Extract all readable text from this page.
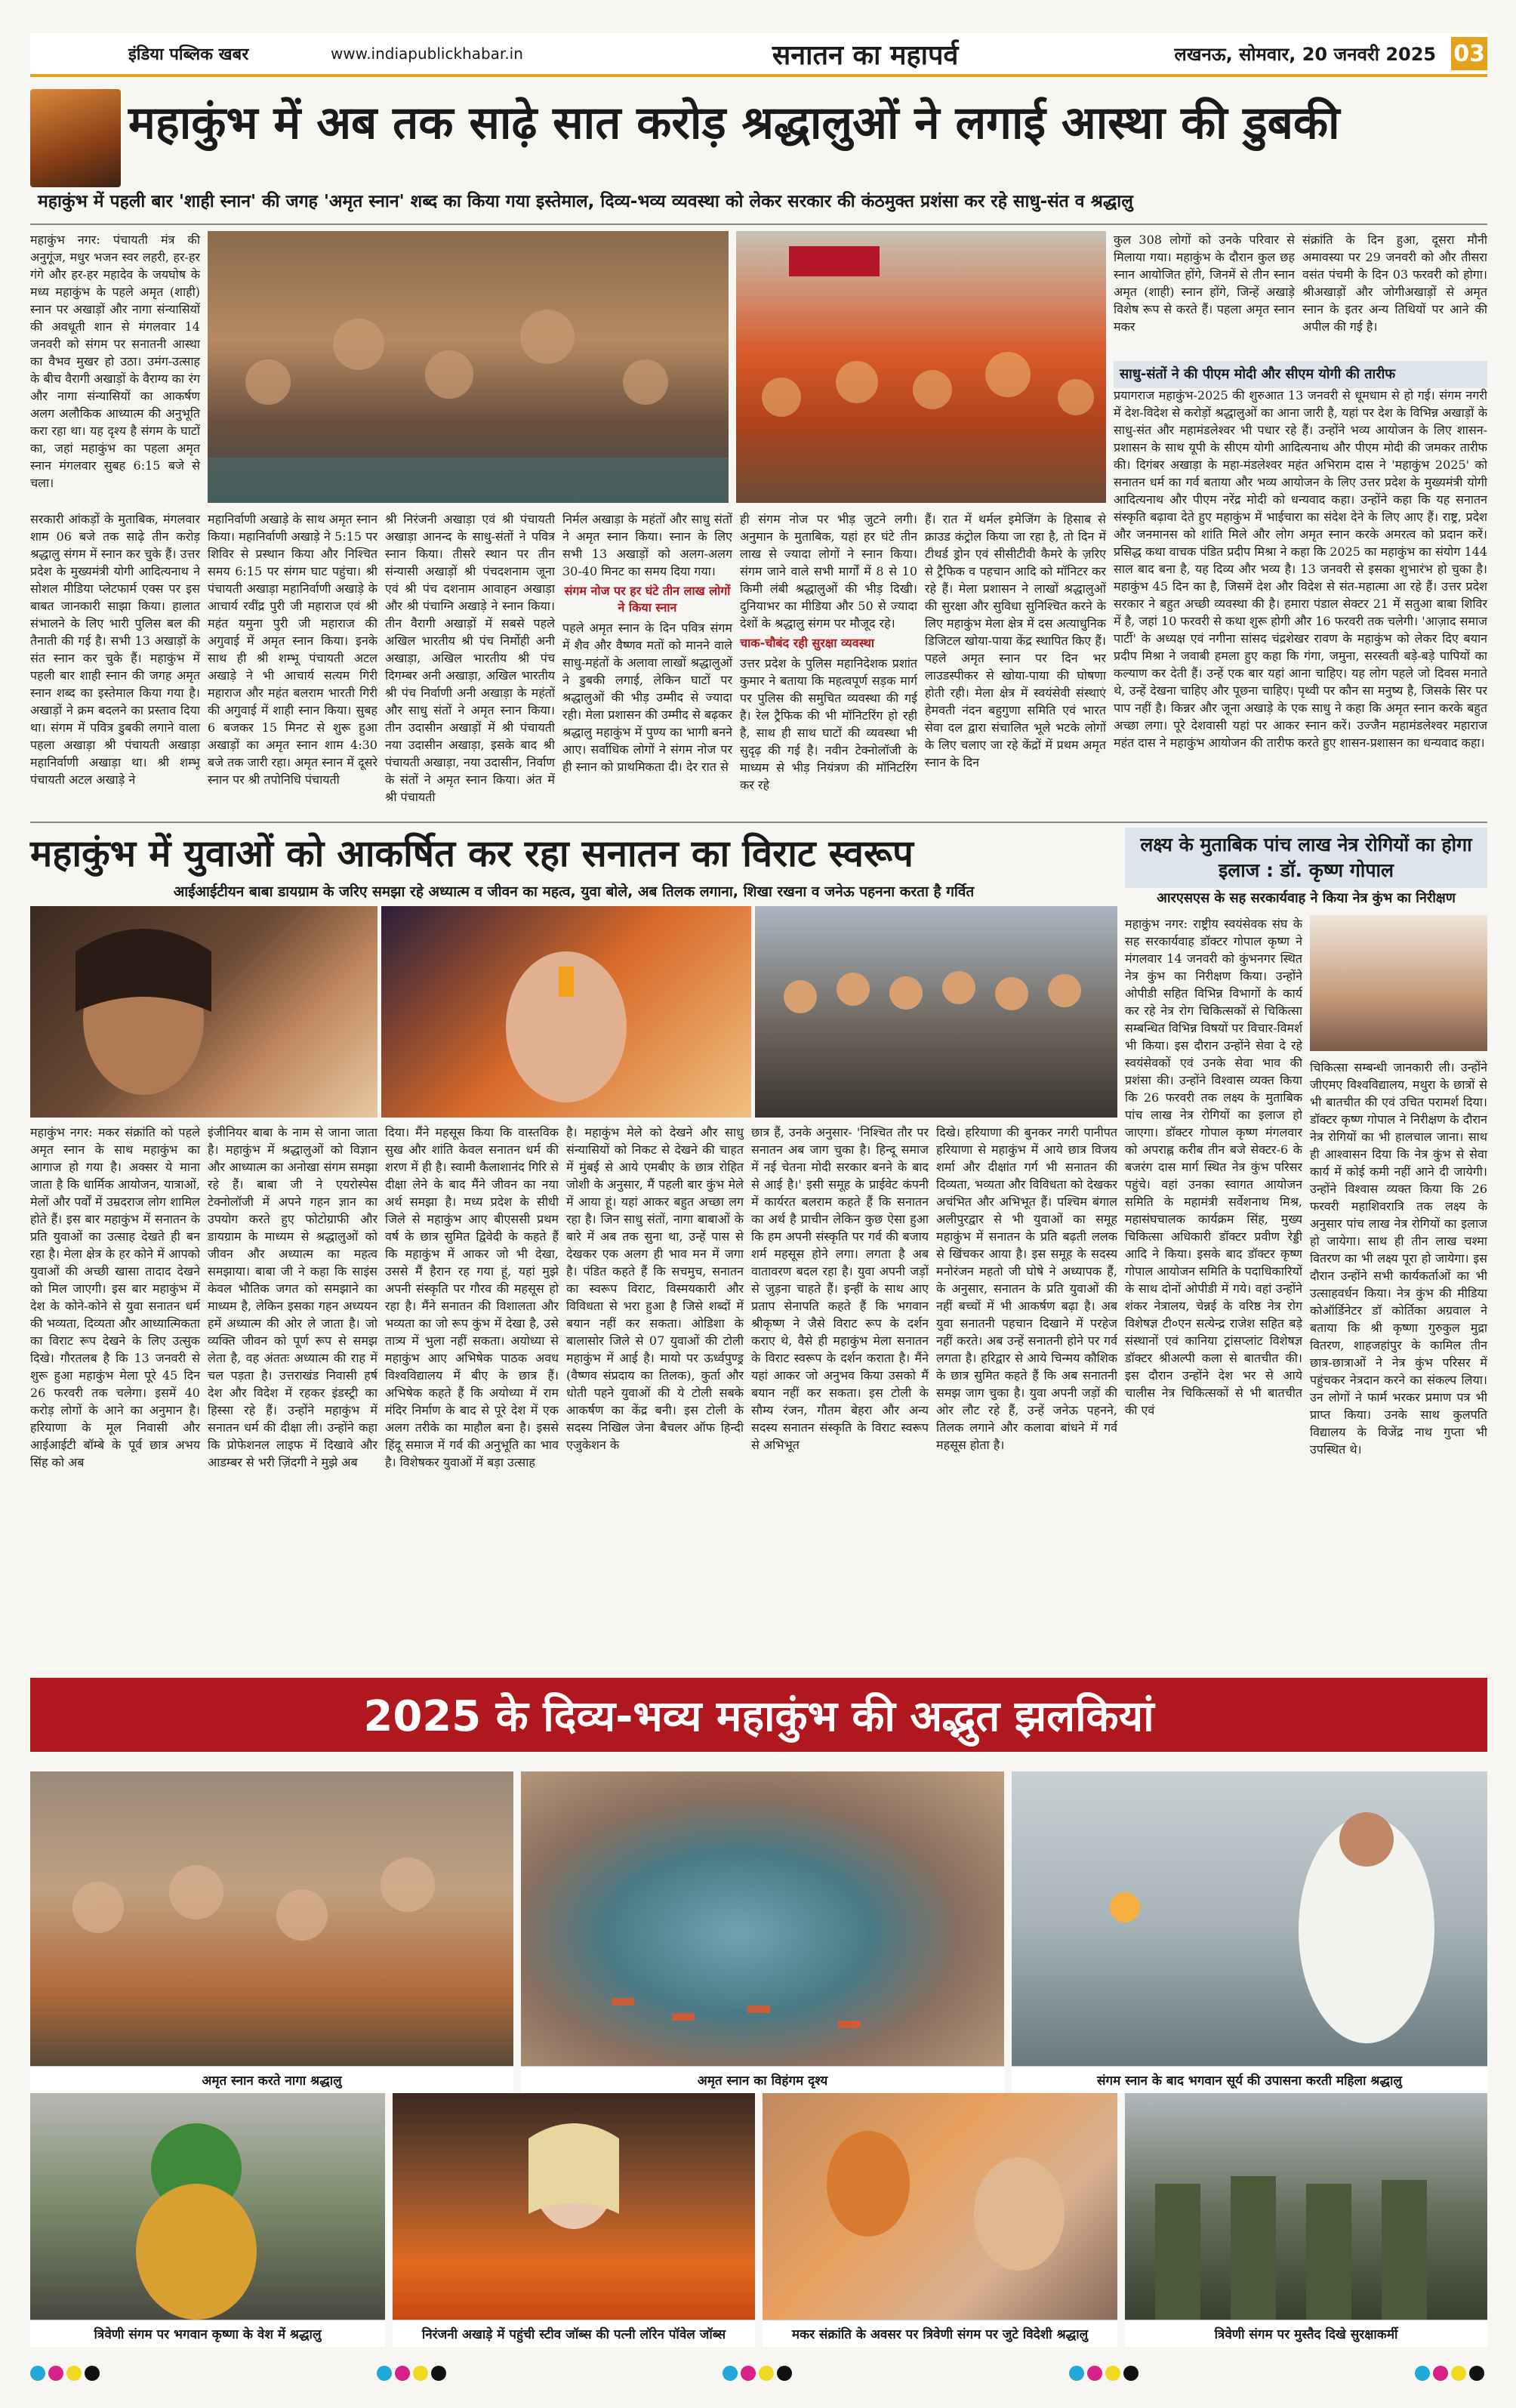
इंडिया पब्लिक खबर	www.indiapublickhabar.in	सनातन का महापर्व	लखनऊ, सोमवार, 20 जनवरी 2025 03
महाकुंभ में अब तक साढ़े सात करोड़ श्रद्धालुओं ने लगाई आस्था की डुबकी
महाकुंभ में पहली बार 'शाही स्नान' की जगह 'अमृत स्नान' शब्द का किया गया इस्तेमाल, दिव्य-भव्य व्यवस्था को लेकर सरकार की कंठमुक्त प्रशंसा कर रहे साधु-संत व श्रद्धालु
महाकुंभ नगर: पंचायती मंत्र की अनुगूंज, मधुर भजन स्वर लहरी, हर-हर गंगे और हर-हर महादेव के जयघोष के मध्य महाकुंभ के पहले अमृत (शाही) स्नान पर अखाड़ों और नागा संन्यासियों की अवधूती शान से मंगलवार 14 जनवरी को संगम पर सनातनी आस्था का वैभव मुखर हो उठा। उमंग-उत्साह के बीच वैरागी अखाड़ों के वैराग्य का रंग और नागा संन्यासियों का आकर्षण अलग अलौकिक आध्यात्म की अनुभूति करा रहा था। यह दृश्य है संगम के घाटों का, जहां महाकुंभ का पहला अमृत स्नान मंगलवार सुबह 6:15 बजे से चला।
कुल 308 लोगों को उनके परिवार से मिलाया गया। महाकुंभ के दौरान कुल छह स्नान आयोजित होंगे, जिनमें से तीन स्नान अमृत (शाही) स्नान होंगे, जिन्हें अखाड़े विशेष रूप से करते हैं। पहला अमृत स्नान मकर
संक्रांति के दिन हुआ, दूसरा मौनी अमावस्या पर 29 जनवरी को और तीसरा वसंत पंचमी के दिन 03 फरवरी को होगा। श्रीअखाड़ों और जोगीअखाड़ों से अमृत स्नान के इतर अन्य तिथियों पर आने की अपील की गई है।
साधु-संतों ने की पीएम मोदी और सीएम योगी की तारीफ
प्रयागराज महाकुंभ-2025 की शुरुआत 13 जनवरी से धूमधाम से हो गई। संगम नगरी में देश-विदेश से करोड़ों श्रद्धालुओं का आना जारी है, यहां पर देश के विभिन्न अखाड़ों के साधु-संत और महामंडलेश्वर भी पधार रहे हैं। उन्होंने भव्य आयोजन के लिए शासन-प्रशासन के साथ यूपी के सीएम योगी आदित्यनाथ और पीएम मोदी की जमकर तारीफ की। दिगंबर अखाड़ा के महा-मंडलेश्वर महंत अभिराम दास ने 'महाकुंभ 2025' को सनातन धर्म का गर्व बताया और भव्य आयोजन के लिए उत्तर प्रदेश के मुख्यमंत्री योगी आदित्यनाथ और पीएम नरेंद्र मोदी को धन्यवाद कहा। उन्होंने कहा कि यह सनातन संस्कृति बढ़ावा देते हुए महाकुंभ में भाईचारा का संदेश देने के लिए आए हैं। राष्ट्र, प्रदेश और जनमानस को शांति मिले और लोग अमृत स्नान करके अमरत्व को प्रदान करें। प्रसिद्ध कथा वाचक पंडित प्रदीप मिश्रा ने कहा कि 2025 का महाकुंभ का संयोग 144 साल बाद बना है, यह दिव्य और भव्य है। 13 जनवरी से इसका शुभारंभ हो चुका है। महाकुंभ 45 दिन का है, जिसमें देश और विदेश से संत-महात्मा आ रहे हैं। उत्तर प्रदेश सरकार ने बहुत अच्छी व्यवस्था की है। हमारा पंडाल सेक्टर 21 में सतुआ बाबा शिविर में है, जहां 10 फरवरी से कथा शुरू होगी और 16 फरवरी तक चलेगी। 'आज़ाद समाज पार्टी' के अध्यक्ष एवं नगीना सांसद चंद्रशेखर रावण के महाकुंभ को लेकर दिए बयान प्रदीप मिश्रा ने जवाबी हमला हुए कहा कि गंगा, जमुना, सरस्वती बड़े-बड़े पापियों का कल्याण कर देती हैं। उन्हें एक बार यहां आना चाहिए। यह लोग पहले जो दिवस मनाते थे, उन्हें देखना चाहिए और पूछना चाहिए। पृथ्वी पर कौन सा मनुष्य है, जिसके सिर पर पाप नहीं है। किन्नर और जूना अखाड़े के एक साधु ने कहा कि अमृत स्नान करके बहुत अच्छा लगा। पूरे देशवासी यहां पर आकर स्नान करें। उज्जैन महामंडलेश्वर महाराज महंत दास ने महाकुंभ आयोजन की तारीफ करते हुए शासन-प्रशासन का धन्यवाद कहा।
सरकारी आंकड़ों के मुताबिक, मंगलवार शाम 06 बजे तक साढ़े तीन करोड़ श्रद्धालु संगम में स्नान कर चुके हैं। उत्तर प्रदेश के मुख्यमंत्री योगी आदित्यनाथ ने सोशल मीडिया प्लेटफार्म एक्स पर इस बाबत जानकारी साझा किया। हालात संभालने के लिए भारी पुलिस बल की तैनाती की गई है। सभी 13 अखाड़ों के संत स्नान कर चुके हैं। महाकुंभ में पहली बार शाही स्नान की जगह अमृत स्नान शब्द का इस्तेमाल किया गया है। अखाड़ों ने क्रम बदलने का प्रस्ताव दिया था। संगम में पवित्र डुबकी लगाने वाला पहला अखाड़ा श्री पंचायती अखाड़ा महानिर्वाणी अखाड़ा था। श्री शम्भू पंचायती अटल अखाड़े ने
महानिर्वाणी अखाड़े के साथ अमृत स्नान किया। महानिर्वाणी अखाड़े ने 5:15 पर शिविर से प्रस्थान किया और निश्चित समय 6:15 पर संगम घाट पहुंचा। श्री पंचायती अखाड़ा महानिर्वाणी अखाड़े के आचार्य रवींद्र पुरी जी महाराज एवं श्री महंत यमुना पुरी जी महाराज की अगुवाई में अमृत स्नान किया। इनके साथ ही श्री शम्भू पंचायती अटल अखाड़े ने भी आचार्य सत्यम गिरी महाराज और महंत बलराम भारती गिरी की अगुवाई में शाही स्नान किया। सुबह 6 बजकर 15 मिनट से शुरू हुआ अखाड़ों का अमृत स्नान शाम 4:30 बजे तक जारी रहा। अमृत स्नान में दूसरे स्नान पर श्री तपोनिधि पंचायती
श्री निरंजनी अखाड़ा एवं श्री पंचायती अखाड़ा आनन्द के साधु-संतों ने पवित्र स्नान किया। तीसरे स्थान पर तीन संन्यासी अखाड़ों श्री पंचदशनाम जूना एवं श्री पंच दशनाम आवाहन अखाड़ा और श्री पंचाग्नि अखाड़े ने स्नान किया। तीन वैरागी अखाड़ों में सबसे पहले अखिल भारतीय श्री पंच निर्मोही अनी अखाड़ा, अखिल भारतीय श्री पंच दिगम्बर अनी अखाड़ा, अखिल भारतीय श्री पंच निर्वाणी अनी अखाड़ा के महंतों और साधु संतों ने अमृत स्नान किया। तीन उदासीन अखाड़ों में श्री पंचायती नया उदासीन अखाड़ा, इसके बाद श्री पंचायती अखाड़ा, नया उदासीन, निर्वाण के संतों ने अमृत स्नान किया। अंत में श्री पंचायती
निर्मल अखाड़ा के महंतों और साधु संतों ने अमृत स्नान किया। स्नान के लिए सभी 13 अखाड़ों को अलग-अलग 30-40 मिनट का समय दिया गया।
संगम नोज पर हर घंटे तीन लाख लोगों ने किया स्नान
पहले अमृत स्नान के दिन पवित्र संगम में शैव और वैष्णव मतों को मानने वाले साधु-महंतों के अलावा लाखों श्रद्धालुओं ने डुबकी लगाई, लेकिन घाटों पर श्रद्धालुओं की भीड़ उम्मीद से ज्यादा रही। मेला प्रशासन की उम्मीद से बढ़कर श्रद्धालु महाकुंभ में पुण्य का भागी बनने आए। सर्वाधिक लोगों ने संगम नोज पर ही स्नान को प्राथमिकता दी। देर रात से
ही संगम नोज पर भीड़ जुटने लगी। अनुमान के मुताबिक, यहां हर घंटे तीन लाख से ज्यादा लोगों ने स्नान किया। संगम जाने वाले सभी मार्गों में 8 से 10 किमी लंबी श्रद्धालुओं की भीड़ दिखी। दुनियाभर का मीडिया और 50 से ज्यादा देशों के श्रद्धालु संगम पर मौजूद रहे।
चाक-चौबंद रही सुरक्षा व्यवस्था
उत्तर प्रदेश के पुलिस महानिदेशक प्रशांत कुमार ने बताया कि महत्वपूर्ण सड़क मार्ग पर पुलिस की समुचित व्यवस्था की गई है। रेल ट्रैफिक की भी मॉनिटरिंग हो रही है, साथ ही साथ घाटों की व्यवस्था भी सुदृढ़ की गई है। नवीन टेक्नोलॉजी के माध्यम से भीड़ नियंत्रण की मॉनिटरिंग कर रहे
हैं। रात में थर्मल इमेजिंग के हिसाब से क्राउड कंट्रोल किया जा रहा है, तो दिन में टीथर्ड ड्रोन एवं सीसीटीवी कैमरे के ज़रिए से ट्रैफिक व पहचान आदि को मॉनिटर कर रहे हैं। मेला प्रशासन ने लाखों श्रद्धालुओं की सुरक्षा और सुविधा सुनिश्चित करने के लिए महाकुंभ मेला क्षेत्र में दस अत्याधुनिक डिजिटल खोया-पाया केंद्र स्थापित किए हैं। पहले अमृत स्नान पर दिन भर लाउडस्पीकर से खोया-पाया की घोषणा होती रही। मेला क्षेत्र में स्वयंसेवी संस्थाएं हेमवती नंदन बहुगुणा समिति एवं भारत सेवा दल द्वारा संचालित भूले भटके लोगों के लिए चलाए जा रहे केंद्रों में प्रथम अमृत स्नान के दिन
महाकुंभ में युवाओं को आकर्षित कर रहा सनातन का विराट स्वरूप
आईआईटीयन बाबा डायग्राम के जरिए समझा रहे अध्यात्म व जीवन का महत्व, युवा बोले, अब तिलक लगाना, शिखा रखना व जनेऊ पहनना करता है गर्वित
लक्ष्य के मुताबिक पांच लाख नेत्र रोगियों का होगा इलाज : डॉ. कृष्ण गोपाल
आरएसएस के सह सरकार्यवाह ने किया नेत्र कुंभ का निरीक्षण
महाकुंभ नगर: राष्ट्रीय स्वयंसेवक संघ के सह सरकार्यवाह डॉक्टर गोपाल कृष्ण ने मंगलवार 14 जनवरी को कुंभनगर स्थित नेत्र कुंभ का निरीक्षण किया। उन्होंने ओपीडी सहित विभिन्न विभागों के कार्य कर रहे नेत्र रोग चिकित्सकों से चिकित्सा सम्बन्धित विभिन्न विषयों पर विचार-विमर्श भी किया। इस दौरान उन्होंने सेवा दे रहे स्वयंसेवकों एवं उनके सेवा भाव की प्रशंसा की। उन्होंने विश्वास व्यक्त किया कि 26 फरवरी तक लक्ष्य के मुताबिक पांच लाख नेत्र रोगियों का इलाज हो जाएगा। डॉक्टर गोपाल कृष्ण मंगलवार को अपराह्न करीब तीन बजे सेक्टर-6 के बजरंग दास मार्ग स्थित नेत्र कुंभ परिसर पहुंचे। वहां उनका स्वागत आयोजन समिति के महामंत्री सर्वेशनाथ मिश्र, महासंघचालक कार्यक्रम सिंह, मुख्य चिकित्सा अधिकारी डॉक्टर प्रवीण रेड्डी आदि ने किया। इसके बाद डॉक्टर कृष्ण गोपाल आयोजन समिति के पदाधिकारियों के साथ दोनों ओपीडी में गये। वहां उन्होंने शंकर नेत्रालय, चेन्नई के वरिष्ठ नेत्र रोग विशेषज्ञ टी०एन सत्येन्द्र राजेश सहित बड़े संस्थानों एवं कानिया ट्रांसप्लांट विशेषज्ञ डॉक्टर श्रीअल्पी कला से बातचीत की। इस दौरान उन्होंने देश भर से आये चालीस नेत्र चिकित्सकों से भी बातचीत की एवं
चिकित्सा सम्बन्धी जानकारी ली। उन्होंने जीएमए विश्वविद्यालय, मथुरा के छात्रों से भी बातचीत की एवं उचित परामर्श दिया। डॉक्टर कृष्ण गोपाल ने निरीक्षण के दौरान नेत्र रोगियों का भी हालचाल जाना। साथ ही आश्वासन दिया कि नेत्र कुंभ से सेवा कार्य में कोई कमी नहीं आने दी जायेगी। उन्होंने विश्वास व्यक्त किया कि 26 फरवरी महाशिवरात्रि तक लक्ष्य के अनुसार पांच लाख नेत्र रोगियों का इलाज हो जायेगा। साथ ही तीन लाख चश्मा वितरण का भी लक्ष्य पूरा हो जायेगा। इस दौरान उन्होंने सभी कार्यकर्ताओं का भी उत्साहवर्धन किया। नेत्र कुंभ की मीडिया कोऑर्डिनेटर डॉ कोर्तिका अग्रवाल ने बताया कि श्री कृष्णा गुरुकुल मुद्रा वितरण, शाहजहांपुर के कामिल तीन छात्र-छात्राओं ने नेत्र कुंभ परिसर में पहुंचकर नेत्रदान करने का संकल्प लिया। उन लोगों ने फार्म भरकर प्रमाण पत्र भी प्राप्त किया। उनके साथ कुलपति विद्यालय के विजेंद्र नाथ गुप्ता भी उपस्थित थे।
महाकुंभ नगर: मकर संक्रांति को पहले अमृत स्नान के साथ महाकुंभ का आगाज हो गया है। अक्सर ये माना जाता है कि धार्मिक आयोजन, यात्राओं, मेलों और पर्वों में उम्रदराज लोग शामिल होते हैं। इस बार महाकुंभ में सनातन के प्रति युवाओं का उत्साह देखते ही बन रहा है। मेला क्षेत्र के हर कोने में आपको युवाओं की अच्छी खासा तादाद देखने को मिल जाएगी। इस बार महाकुंभ में देश के कोने-कोने से युवा सनातन धर्म की भव्यता, दिव्यता और आध्यात्मिकता का विराट रूप देखने के लिए उत्सुक दिखे। गौरतलब है कि 13 जनवरी से शुरू हुआ महाकुंभ मेला पूरे 45 दिन 26 फरवरी तक चलेगा। इसमें 40 करोड़ लोगों के आने का अनुमान है। हरियाणा के मूल निवासी और आईआईटी बॉम्बे के पूर्व छात्र अभय सिंह को अब
इंजीनियर बाबा के नाम से जाना जाता है। महाकुंभ में श्रद्धालुओं को विज्ञान और आध्यात्म का अनोखा संगम समझा रहे हैं। बाबा जी ने एयरोस्पेस टेक्नोलॉजी में अपने गहन ज्ञान का उपयोग करते हुए फोटोग्राफी और डायग्राम के माध्यम से श्रद्धालुओं को जीवन और अध्यात्म का महत्व समझाया। बाबा जी ने कहा कि साइंस केवल भौतिक जगत को समझाने का माध्यम है, लेकिन इसका गहन अध्ययन हमें अध्यात्म की ओर ले जाता है। जो व्यक्ति जीवन को पूर्ण रूप से समझ लेता है, वह अंततः अध्यात्म की राह में चल पड़ता है। उत्तराखंड निवासी हर्ष देश और विदेश में रहकर इंडस्ट्री का हिस्सा रहे हैं। उन्होंने महाकुंभ में सनातन धर्म की दीक्षा ली। उन्होंने कहा कि प्रोफेशनल लाइफ में दिखावे और आडम्बर से भरी ज़िंदगी ने मुझे अब
दिया। मैंने महसूस किया कि वास्तविक सुख और शांति केवल सनातन धर्म की शरण में ही है। स्वामी कैलाशानंद गिरि से दीक्षा लेने के बाद मैंने जीवन का नया अर्थ समझा है। मध्य प्रदेश के सीधी जिले से महाकुंभ आए बीएससी प्रथम वर्ष के छात्र सुमित द्विवेदी के कहते हैं कि महाकुंभ में आकर जो भी देखा, उससे मैं हैरान रह गया हूं, यहां मुझे अपनी संस्कृति पर गौरव की महसूस हो रहा है। मैंने सनातन की विशालता और भव्यता का जो रूप कुंभ में देखा है, उसे तात्र्य में भुला नहीं सकता। अयोध्या से महाकुंभ आए अभिषेक पाठक अवध विश्वविद्यालय में बीए के छात्र हैं। अभिषेक कहते हैं कि अयोध्या में राम मंदिर निर्माण के बाद से पूरे देश में एक अलग तरीके का माहौल बना है। इससे हिंदू समाज में गर्व की अनुभूति का भाव है। विशेषकर युवाओं में बड़ा उत्साह
है। महाकुंभ मेले को देखने और साधु संन्यासियों को निकट से देखने की चाहत में मुंबई से आये एमबीए के छात्र रोहित जोशी के अनुसार, मैं पहली बार कुंभ मेले में आया हूं। यहां आकर बहुत अच्छा लग रहा है। जिन साधु संतों, नागा बाबाओं के बारे में अब तक सुना था, उन्हें पास से देखकर एक अलग ही भाव मन में जगा है। पंडित कहते हैं कि सचमुच, सनातन का स्वरूप विराट, विस्मयकारी और विविधता से भरा हुआ है जिसे शब्दों में बयान नहीं कर सकता। ओडिशा के बालासोर जिले से 07 युवाओं की टोली महाकुंभ में आई है। मायो पर ऊर्ध्वपुण्ड्र (वैष्णव संप्रदाय का तिलक), कुर्ता और धोती पहने युवाओं की ये टोली सबके आकर्षण का केंद्र बनी। इस टोली के सदस्य निखिल जेना बैचलर ऑफ हिन्दी एजुकेशन के
छात्र हैं, उनके अनुसार- 'निश्चित तौर पर सनातन अब जाग चुका है। हिन्दू समाज में नई चेतना मोदी सरकार बनने के बाद से आई है।' इसी समूह के प्राईवेट कंपनी में कार्यरत बलराम कहते हैं कि सनातन का अर्थ है प्राचीन लेकिन कुछ ऐसा हुआ कि हम अपनी संस्कृति पर गर्व की बजाय शर्म महसूस होने लगा। लगता है अब वातावरण बदल रहा है। युवा अपनी जड़ों से जुड़ना चाहते हैं। इन्हीं के साथ आए प्रताप सेनापति कहते हैं कि भगवान श्रीकृष्ण ने जैसे विराट रूप के दर्शन कराए थे, वैसे ही महाकुंभ मेला सनातन के विराट स्वरूप के दर्शन कराता है। मैंने यहां आकर जो अनुभव किया उसको मैं बयान नहीं कर सकता। इस टोली के सौम्य रंजन, गौतम बेहरा और अन्य सदस्य सनातन संस्कृति के विराट स्वरूप से अभिभूत
दिखे। हरियाणा की बुनकर नगरी पानीपत हरियाणा से महाकुंभ में आये छात्र विजय शर्मा और दीक्षांत गर्ग भी सनातन की दिव्यता, भव्यता और विविधता को देखकर अचंभित और अभिभूत हैं। पश्चिम बंगाल अलीपुरद्वार से भी युवाओं का समूह महाकुंभ में सनातन के प्रति बढ़ती ललक से खिंचकर आया है। इस समूह के सदस्य मनोरंजन महतो जी घोषे ने अध्यापक हैं, के अनुसार, सनातन के प्रति युवाओं की नहीं बच्चों में भी आकर्षण बढ़ा है। अब युवा सनातनी पहचान दिखाने में परहेज नहीं करते। अब उन्हें सनातनी होने पर गर्व लगता है। हरिद्वार से आये चिन्मय कौशिक के छात्र सुमित कहते हैं कि अब सनातनी समझ जाग चुका है। युवा अपनी जड़ों की ओर लौट रहे हैं, उन्हें जनेऊ पहनने, तिलक लगाने और कलावा बांधने में गर्व महसूस होता है।
2025 के दिव्य-भव्य महाकुंभ की अद्भुत झलकियां
अमृत स्नान करते नागा श्रद्धालु	अमृत स्नान का विहंगम दृश्य	संगम स्नान के बाद भगवान सूर्य की उपासना करती महिला श्रद्धालु
त्रिवेणी संगम पर भगवान कृष्णा के वेश में श्रद्धालु	निरंजनी अखाड़े में पहुंची स्टीव जॉब्स की पत्नी लॉरेन पॉवेल जॉब्स	मकर संक्रांति के अवसर पर त्रिवेणी संगम पर जुटे विदेशी श्रद्धालु	त्रिवेणी संगम पर मुस्तैद दिखे सुरक्षाकर्मी
